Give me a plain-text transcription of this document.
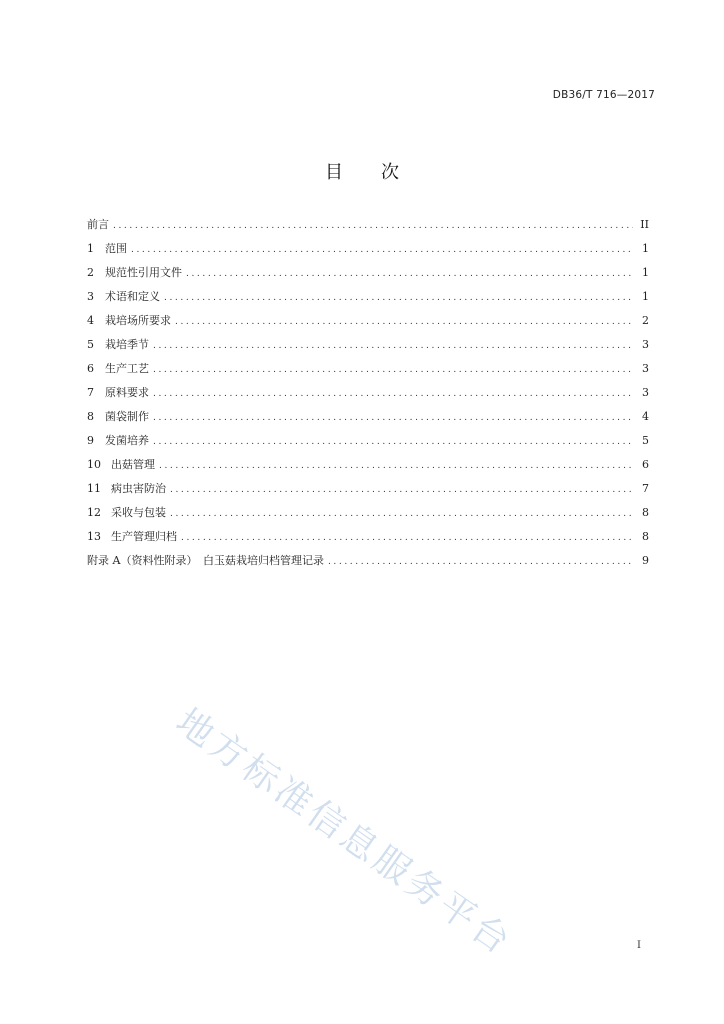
DB36/T 716—2017
目 次
前言 .....	II
1	范围 .....	1
2	规范性引用文件 .....	1
3	术语和定义 .....	1
4	栽培场所要求 .....	2
5	栽培季节 .....	3
6	生产工艺 .....	3
7	原料要求 .....	3
8	菌袋制作 .....	4
9	发菌培养 .....	5
10 出菇管理 .....	6
11 病虫害防治 .....	7
12 采收与包装 .....	8
13 生产管理归档 .....	8
附录 A（资料性附录）　白玉菇栽培归档管理记录 .....	9
地方标准信息服务平台	I
